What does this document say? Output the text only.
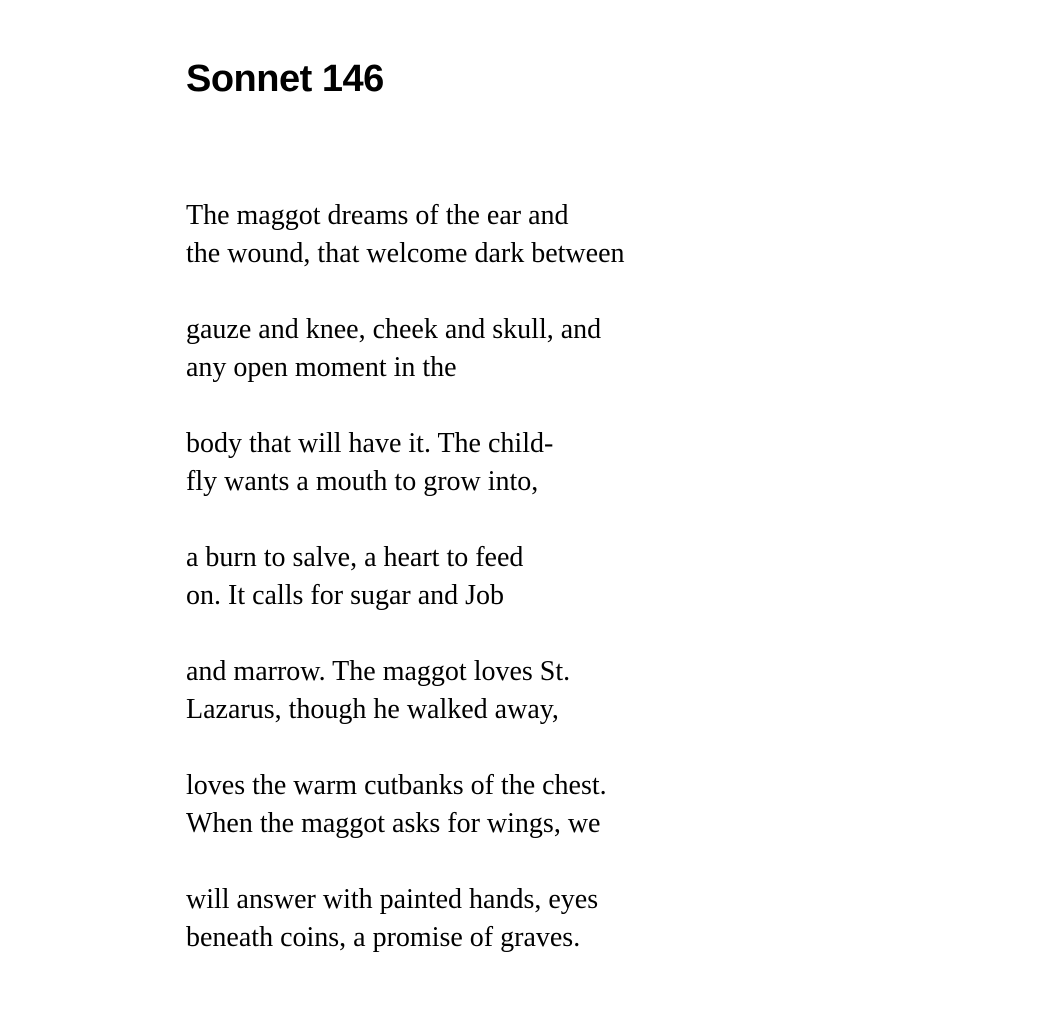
Sonnet 146
The maggot dreams of the ear and
the wound, that welcome dark between
gauze and knee, cheek and skull, and
any open moment in the
body that will have it. The child-
fly wants a mouth to grow into,
a burn to salve, a heart to feed
on. It calls for sugar and Job
and marrow. The maggot loves St.
Lazarus, though he walked away,
loves the warm cutbanks of the chest.
When the maggot asks for wings, we
will answer with painted hands, eyes
beneath coins, a promise of graves.
